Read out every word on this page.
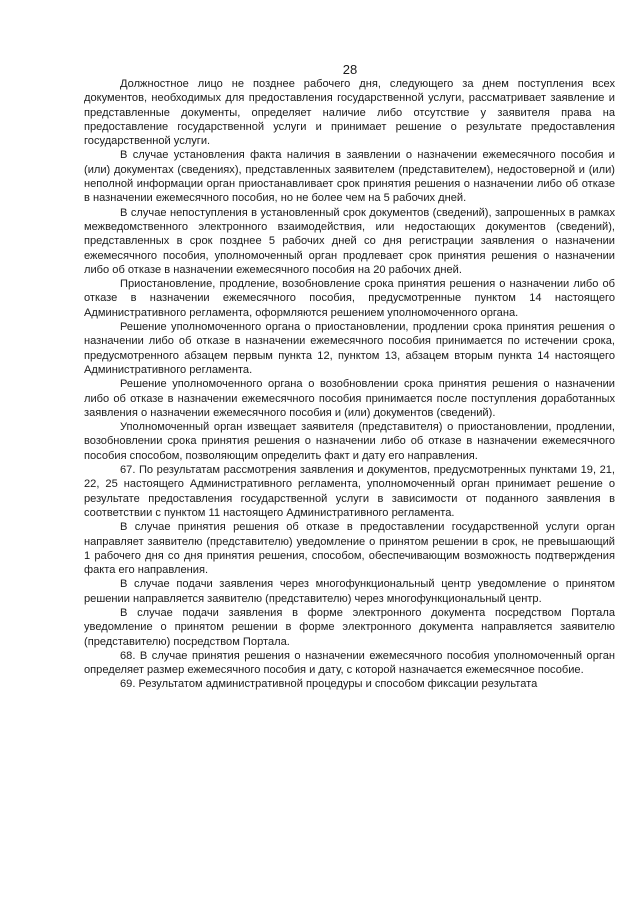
28

Должностное лицо не позднее рабочего дня, следующего за днем поступления всех документов, необходимых для предоставления государственной услуги, рассматривает заявление и представленные документы, определяет наличие либо отсутствие у заявителя права на предоставление государственной услуги и принимает решение о результате предоставления государственной услуги.

В случае установления факта наличия в заявлении о назначении ежемесячного пособия и (или) документах (сведениях), представленных заявителем (представителем), недостоверной и (или) неполной информации орган приостанавливает срок принятия решения о назначении либо об отказе в назначении ежемесячного пособия, но не более чем на 5 рабочих дней.

В случае непоступления в установленный срок документов (сведений), запрошенных в рамках межведомственного электронного взаимодействия, или недостающих документов (сведений), представленных в срок позднее 5 рабочих дней со дня регистрации заявления о назначении ежемесячного пособия, уполномоченный орган продлевает срок принятия решения о назначении либо об отказе в назначении ежемесячного пособия на 20 рабочих дней.

Приостановление, продление, возобновление срока принятия решения о назначении либо об отказе в назначении ежемесячного пособия, предусмотренные пунктом 14 настоящего Административного регламента, оформляются решением уполномоченного органа.

Решение уполномоченного органа о приостановлении, продлении срока принятия решения о назначении либо об отказе в назначении ежемесячного пособия принимается по истечении срока, предусмотренного абзацем первым пункта 12, пунктом 13, абзацем вторым пункта 14 настоящего Административного регламента.

Решение уполномоченного органа о возобновлении срока принятия решения о назначении либо об отказе в назначении ежемесячного пособия принимается после поступления доработанных заявления о назначении ежемесячного пособия и (или) документов (сведений).

Уполномоченный орган извещает заявителя (представителя) о приостановлении, продлении, возобновлении срока принятия решения о назначении либо об отказе в назначении ежемесячного пособия способом, позволяющим определить факт и дату его направления.

67. По результатам рассмотрения заявления и документов, предусмотренных пунктами 19, 21, 22, 25 настоящего Административного регламента, уполномоченный орган принимает решение о результате предоставления государственной услуги в зависимости от поданного заявления в соответствии с пунктом 11 настоящего Административного регламента.

В случае принятия решения об отказе в предоставлении государственной услуги орган направляет заявителю (представителю) уведомление о принятом решении в срок, не превышающий 1 рабочего дня со дня принятия решения, способом, обеспечивающим возможность подтверждения факта его направления.

В случае подачи заявления через многофункциональный центр уведомление о принятом решении направляется заявителю (представителю) через многофункциональный центр.

В случае подачи заявления в форме электронного документа посредством Портала уведомление о принятом решении в форме электронного документа направляется заявителю (представителю) посредством Портала.

68. В случае принятия решения о назначении ежемесячного пособия уполномоченный орган определяет размер ежемесячного пособия и дату, с которой назначается ежемесячное пособие.

69. Результатом административной процедуры и способом фиксации результата
